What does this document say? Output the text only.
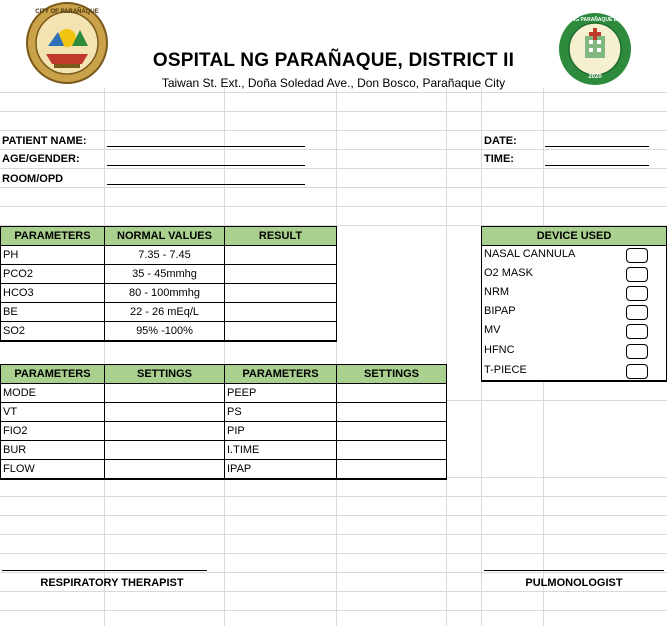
CITY OF PARAÑAQUE
2020
OSPITAL NG PARAÑAQUE DISTRICT II
OSPITAL NG PARAÑAQUE, DISTRICT II
Taiwan St. Ext., Doña Soledad Ave., Don Bosco, Parañaque City
PATIENT NAME:
AGE/GENDER:
ROOM/OPD
DATE:
TIME:
PARAMETERS	NORMAL VALUES	RESULT
PH	7.35 - 7.45	
PCO2	35 - 45mmhg	
HCO3	80 - 100mmhg	
BE	22 - 26 mEq/L	
SO2	95% -100%	
DEVICE USED
NASAL CANNULA
O2 MASK
NRM
BIPAP
MV
HFNC
T-PIECE
PARAMETERS	SETTINGS	PARAMETERS	SETTINGS
MODE		PEEP	
VT		PS	
FIO2		PIP	
BUR		I.TIME	
FLOW		IPAP	
RESPIRATORY THERAPIST	PULMONOLOGIST
